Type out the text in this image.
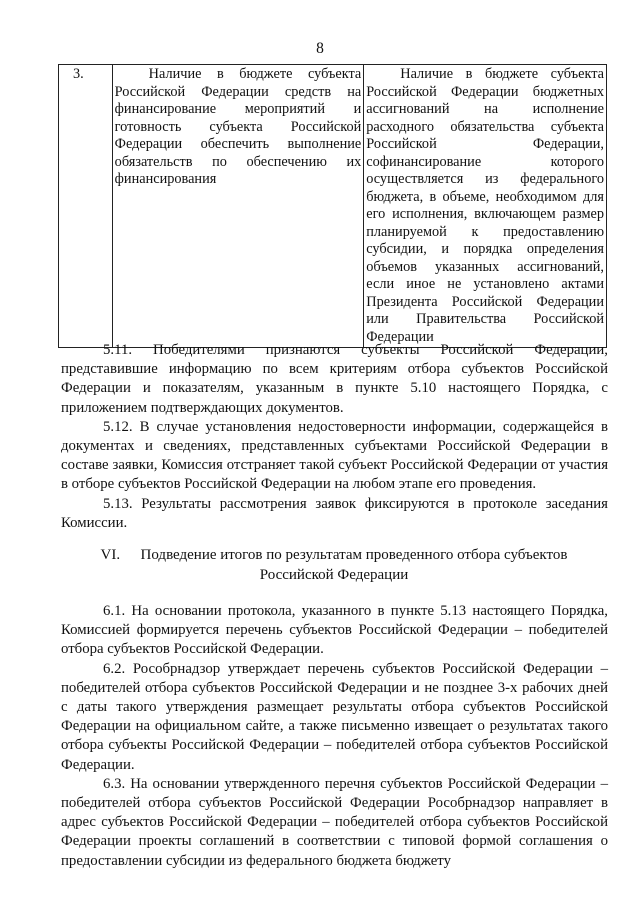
8
3.	Наличие в бюджете субъекта Российской Федерации средств на финансирование мероприятий и готовность субъекта Российской Федерации обеспечить выполнение обязательств по обеспечению их финансирования	Наличие в бюджете субъекта Российской Федерации бюджетных ассигнований на исполнение расходного обязательства субъекта Российской Федерации, софинансирование которого осуществляется из федерального бюджета, в объеме, необходимом для его исполнения, включающем размер планируемой к предоставлению субсидии, и порядка определения объемов указанных ассигнований, если иное не установлено актами Президента Российской Федерации или Правительства Российской Федерации

5.11. Победителями признаются субъекты Российской Федерации, представившие информацию по всем критериям отбора субъектов Российской Федерации и показателям, указанным в пункте 5.10 настоящего Порядка, с приложением подтверждающих документов.

5.12. В случае установления недостоверности информации, содержащейся в документах и сведениях, представленных субъектами Российской Федерации в составе заявки, Комиссия отстраняет такой субъект Российской Федерации от участия в отборе субъектов Российской Федерации на любом этапе его проведения.

5.13. Результаты рассмотрения заявок фиксируются в протоколе заседания Комиссии.

VI. Подведение итогов по результатам проведенного отбора субъектов
Российской Федерации

6.1. На основании протокола, указанного в пункте 5.13 настоящего Порядка, Комиссией формируется перечень субъектов Российской Федерации – победителей отбора субъектов Российской Федерации.

6.2. Рособрнадзор утверждает перечень субъектов Российской Федерации – победителей отбора субъектов Российской Федерации и не позднее 3-х рабочих дней с даты такого утверждения размещает результаты отбора субъектов Российской Федерации на официальном сайте, а также письменно извещает о результатах такого отбора субъекты Российской Федерации – победителей отбора субъектов Российской Федерации.

6.3. На основании утвержденного перечня субъектов Российской Федерации – победителей отбора субъектов Российской Федерации Рособрнадзор направляет в адрес субъектов Российской Федерации – победителей отбора субъектов Российской Федерации проекты соглашений в соответствии с типовой формой соглашения о предоставлении субсидии из федерального бюджета бюджету
